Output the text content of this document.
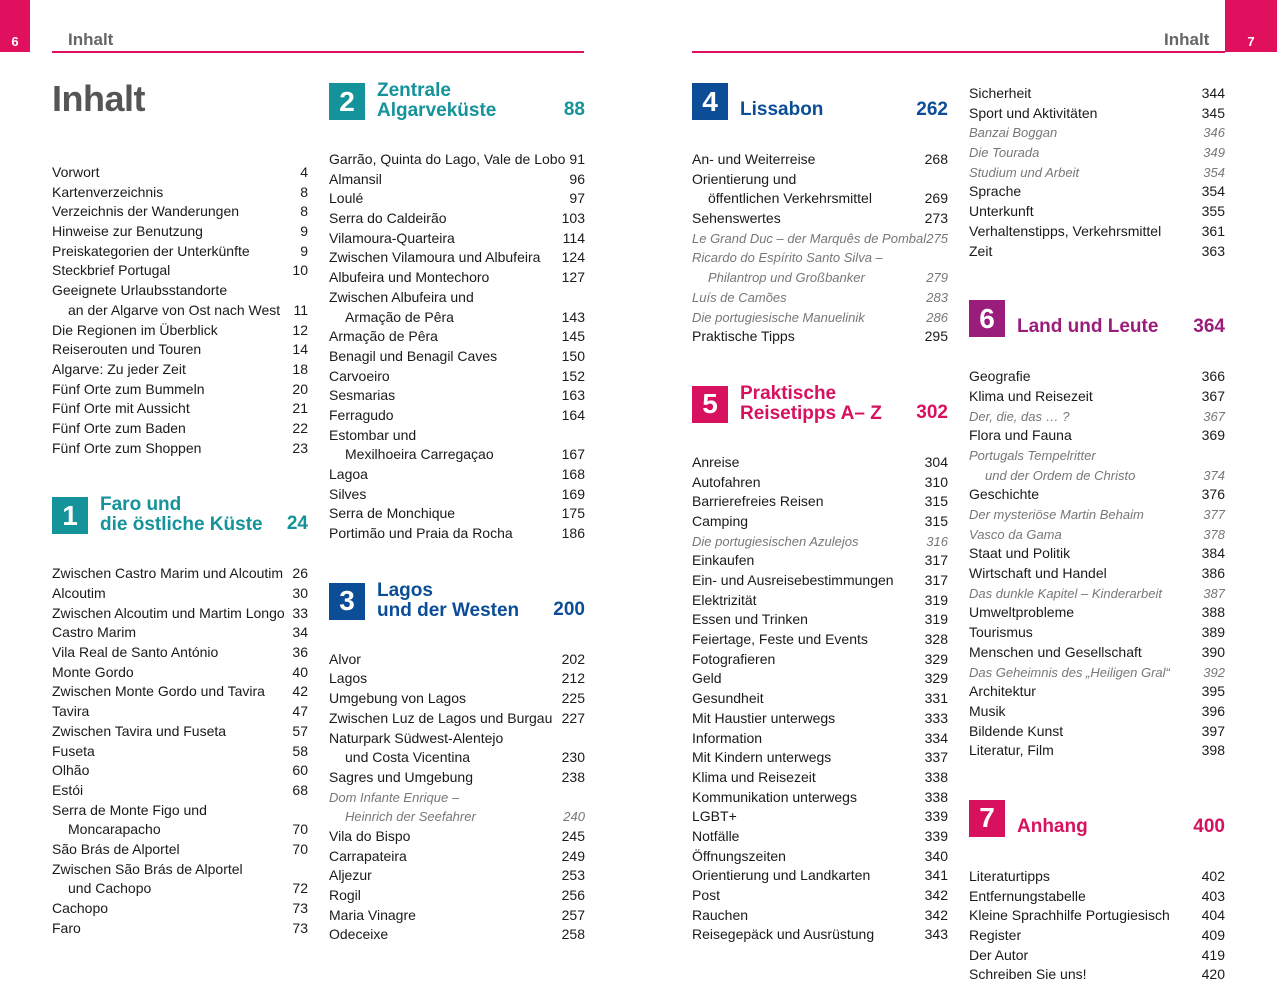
6	Inhalt	7
Inhalt
Inhalt
Vorwort	4
Kartenverzeichnis	8
Verzeichnis der Wanderungen	8
Hinweise zur Benutzung	9
Preiskategorien der Unterkünfte	9
Steckbrief Portugal	10
Geeignete Urlaubsstandorte
an der Algarve von Ost nach West 11
Die Regionen im Überblick	12
Reiserouten und Touren	14
Algarve: Zu jeder Zeit	18
Fünf Orte zum Bummeln	20
Fünf Orte mit Aussicht	21
Fünf Orte zum Baden	22
Fünf Orte zum Shoppen	23
1	Faro und
die östliche Küste 24
Zwischen Castro Marim und Alcoutim 26
Alcoutim	30
Zwischen Alcoutim und Martim Longo 33
Castro Marim	34
Vila Real de Santo António	36
Monte Gordo	40
Zwischen Monte Gordo und Tavira 42
Tavira	47
Zwischen Tavira und Fuseta	57
Fuseta	58
Olhão	60
Estói	68
Serra de Monte Figo und
Moncarapacho	70
São Brás de Alportel	70
Zwischen São Brás de Alportel
und Cachopo	72
Cachopo	73
Faro	73
2	Zentrale
Algarveküste	88
Garrão, Quinta do Lago, Vale de Lobo 91
Almansil	96
Loulé	97
Serra do Caldeirão	103
Vilamoura-Quarteira	114
Zwischen Vilamoura und Albufeira 124
Albufeira und Montechoro	127
Zwischen Albufeira und
Armação de Pêra	143
Armação de Pêra	145
Benagil und Benagil Caves	150
Carvoeiro	152
Sesmarias	163
Ferragudo	164
Estombar und
Mexilhoeira Carregaçao	167
Lagoa	168
Silves	169
Serra de Monchique	175
Portimão und Praia da Rocha	186
3	Lagos
und der Westen 200
Alvor	202
Lagos	212
Umgebung von Lagos	225
Zwischen Luz de Lagos und Burgau 227
Naturpark Südwest-Alentejo
und Costa Vicentina	230
Sagres und Umgebung	238
Dom Infante Enrique –
Heinrich der Seefahrer	240
Vila do Bispo	245
Carrapateira	249
Aljezur	253
Rogil	256
Maria Vinagre	257
Odeceixe	258
4	Lissabon	262
An- und Weiterreise	268
Orientierung und
öffentlichen Verkehrsmittel	269
Sehenswertes	273
Le Grand Duc – der Marquês de Pombal 275
Ricardo do Espírito Santo Silva –
Philantrop und Großbanker	279
Luís de Camões	283
Die portugiesische Manuelinik	286
Praktische Tipps	295
5	Praktische
Reisetipps A– Z 302
Anreise	304
Autofahren	310
Barrierefreies Reisen	315
Camping	315
Die portugiesischen Azulejos	316
Einkaufen	317
Ein- und Ausreisebestimmungen 317
Elektrizität	319
Essen und Trinken	319
Feiertage, Feste und Events	328
Fotografieren	329
Geld	329
Gesundheit	331
Mit Haustier unterwegs	333
Information	334
Mit Kindern unterwegs	337
Klima und Reisezeit	338
Kommunikation unterwegs	338
LGBT+	339
Notfälle	339
Öffnungszeiten	340
Orientierung und Landkarten	341
Post	342
Rauchen	342
Reisegepäck und Ausrüstung	343
Sicherheit	344
Sport und Aktivitäten	345
Banzai Boggan	346
Die Tourada	349
Studium und Arbeit	354
Sprache	354
Unterkunft	355
Verhaltenstipps, Verkehrsmittel	361
Zeit	363
6	Land und Leute 364
Geografie	366
Klima und Reisezeit	367
Der, die, das … ?	367
Flora und Fauna	369
Portugals Tempelritter
und der Ordem de Christo	374
Geschichte	376
Der mysteriöse Martin Behaim	377
Vasco da Gama	378
Staat und Politik	384
Wirtschaft und Handel	386
Das dunkle Kapitel – Kinderarbeit	387
Umweltprobleme	388
Tourismus	389
Menschen und Gesellschaft	390
Das Geheimnis des „Heiligen Gral“	392
Architektur	395
Musik	396
Bildende Kunst	397
Literatur, Film	398
7	Anhang	400
Literaturtipps	402
Entfernungstabelle	403
Kleine Sprachhilfe Portugiesisch 404
Register	409
Der Autor	419
Schreiben Sie uns!	420
